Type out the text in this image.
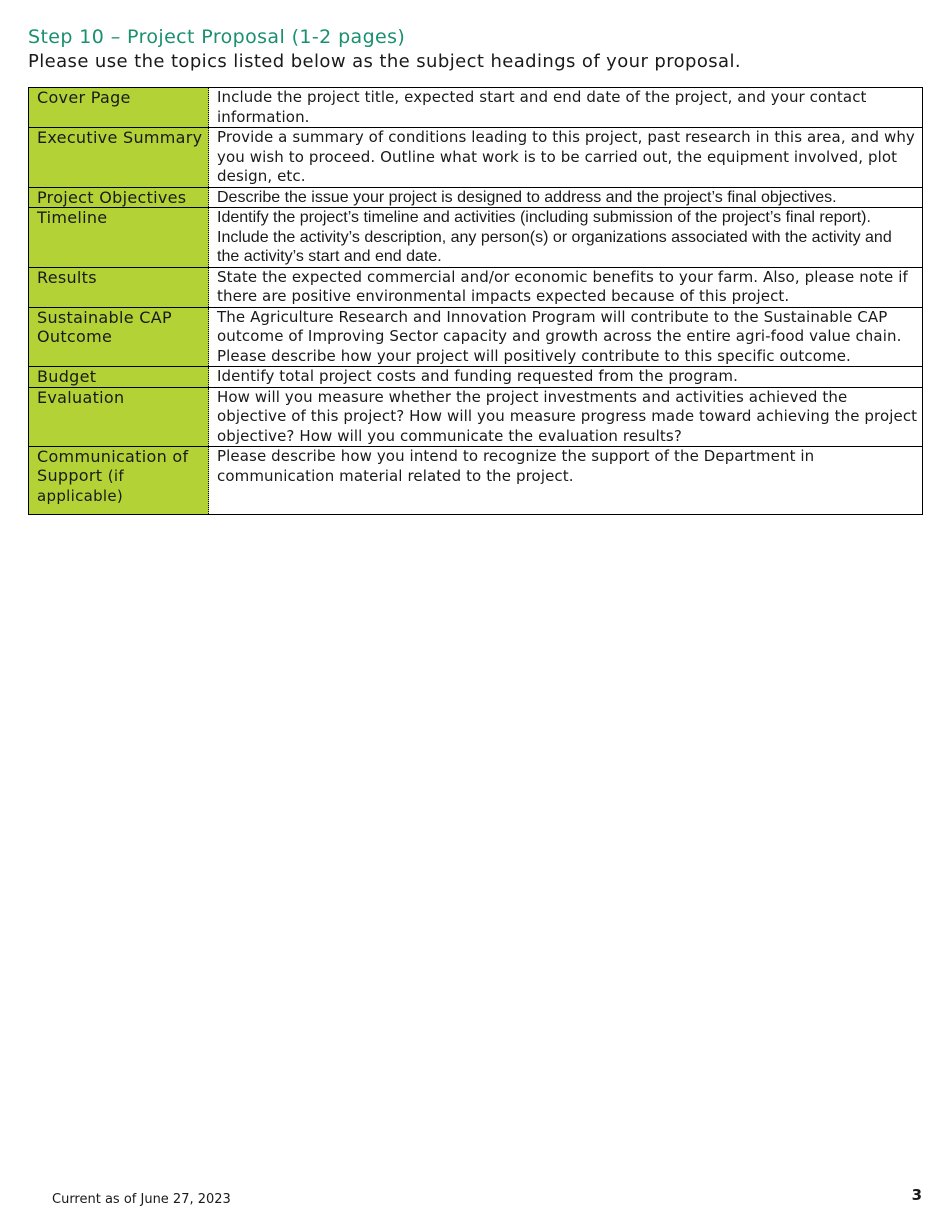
Step 10 – Project Proposal (1-2 pages)
Please use the topics listed below as the subject headings of your proposal.
Cover Page	Include the project title, expected start and end date of the project, and your contact information.
Executive Summary	Provide a summary of conditions leading to this project, past research in this area, and why you wish to proceed. Outline what work is to be carried out, the equipment involved, plot design, etc.
Project Objectives	Describe the issue your project is designed to address and the project’s final objectives.
Timeline	Identify the project’s timeline and activities (including submission of the project’s final report). Include the activity’s description, any person(s) or organizations associated with the activity and the activity’s start and end date.
Results	State the expected commercial and/or economic benefits to your farm. Also, please note if there are positive environmental impacts expected because of this project.
Sustainable CAP Outcome	The Agriculture Research and Innovation Program will contribute to the Sustainable CAP outcome of Improving Sector capacity and growth across the entire agri-food value chain. Please describe how your project will positively contribute to this specific outcome.
Budget	Identify total project costs and funding requested from the program.
Evaluation	How will you measure whether the project investments and activities achieved the objective of this project? How will you measure progress made toward achieving the project objective? How will you communicate the evaluation results?
Communication of Support (if applicable)	Please describe how you intend to recognize the support of the Department in communication material related to the project.
Current as of June 27, 2023	3
